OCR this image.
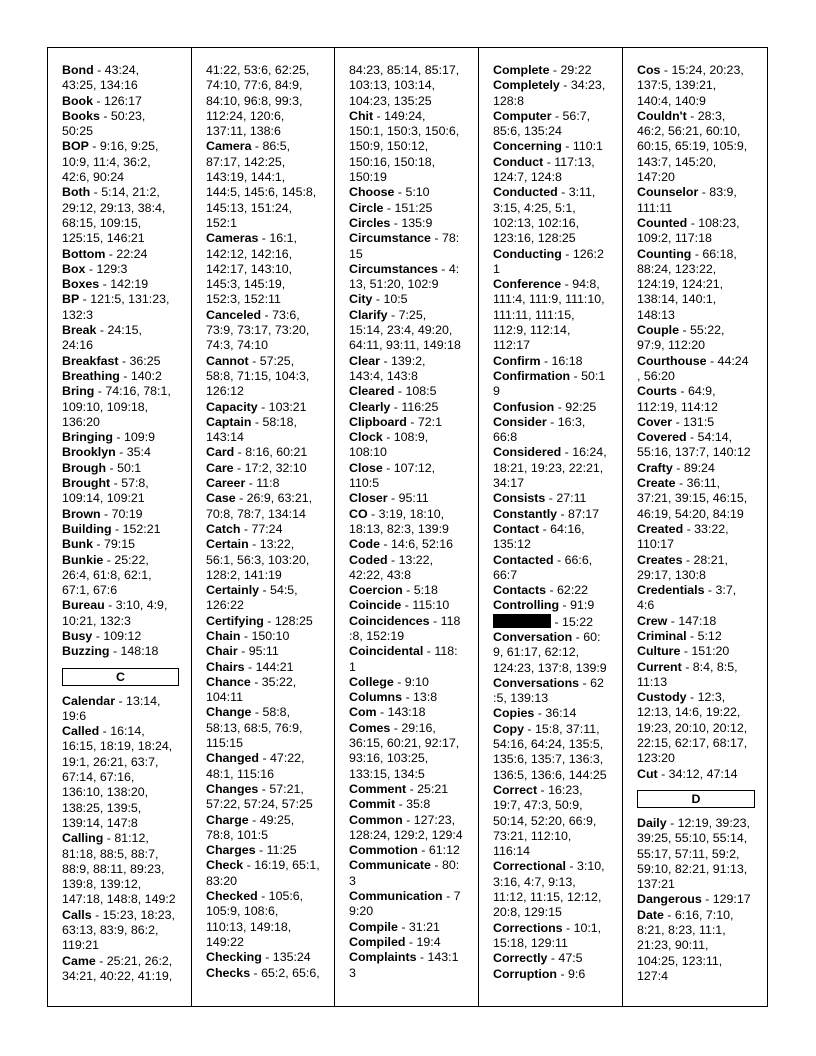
Bond - 43:24,
43:25, 134:16
Book - 126:17
Books - 50:23,
50:25
BOP - 9:16, 9:25,
10:9, 11:4, 36:2,
42:6, 90:24
Both - 5:14, 21:2,
29:12, 29:13, 38:4,
68:15, 109:15,
125:15, 146:21
Bottom - 22:24
Box - 129:3
Boxes - 142:19
BP - 121:5, 131:23,
132:3
Break - 24:15,
24:16
Breakfast - 36:25
Breathing - 140:2
Bring - 74:16, 78:1,
109:10, 109:18,
136:20
Bringing - 109:9
Brooklyn - 35:4
Brough - 50:1
Brought - 57:8,
109:14, 109:21
Brown - 70:19
Building - 152:21
Bunk - 79:15
Bunkie - 25:22,
26:4, 61:8, 62:1,
67:1, 67:6
Bureau - 3:10, 4:9,
10:21, 132:3
Busy - 109:12
Buzzing - 148:18
C
Calendar - 13:14,
19:6
Called - 16:14,
16:15, 18:19, 18:24,
19:1, 26:21, 63:7,
67:14, 67:16,
136:10, 138:20,
138:25, 139:5,
139:14, 147:8
Calling - 81:12,
81:18, 88:5, 88:7,
88:9, 88:11, 89:23,
139:8, 139:12,
147:18, 148:8, 149:2
Calls - 15:23, 18:23,
63:13, 83:9, 86:2,
119:21
Came - 25:21, 26:2,
34:21, 40:22, 41:19,
41:22, 53:6, 62:25,
74:10, 77:6, 84:9,
84:10, 96:8, 99:3,
112:24, 120:6,
137:11, 138:6
Camera - 86:5,
87:17, 142:25,
143:19, 144:1,
144:5, 145:6, 145:8,
145:13, 151:24,
152:1
Cameras - 16:1,
142:12, 142:16,
142:17, 143:10,
145:3, 145:19,
152:3, 152:11
Canceled - 73:6,
73:9, 73:17, 73:20,
74:3, 74:10
Cannot - 57:25,
58:8, 71:15, 104:3,
126:12
Capacity - 103:21
Captain - 58:18,
143:14
Card - 8:16, 60:21
Care - 17:2, 32:10
Career - 11:8
Case - 26:9, 63:21,
70:8, 78:7, 134:14
Catch - 77:24
Certain - 13:22,
56:1, 56:3, 103:20,
128:2, 141:19
Certainly - 54:5,
126:22
Certifying - 128:25
Chain - 150:10
Chair - 95:11
Chairs - 144:21
Chance - 35:22,
104:11
Change - 58:8,
58:13, 68:5, 76:9,
115:15
Changed - 47:22,
48:1, 115:16
Changes - 57:21,
57:22, 57:24, 57:25
Charge - 49:25,
78:8, 101:5
Charges - 11:25
Check - 16:19, 65:1,
83:20
Checked - 105:6,
105:9, 108:6,
110:13, 149:18,
149:22
Checking - 135:24
Checks - 65:2, 65:6,
84:23, 85:14, 85:17,
103:13, 103:14,
104:23, 135:25
Chit - 149:24,
150:1, 150:3, 150:6,
150:9, 150:12,
150:16, 150:18,
150:19
Choose - 5:10
Circle - 151:25
Circles - 135:9
Circumstance - 78:
15
Circumstances - 4:
13, 51:20, 102:9
City - 10:5
Clarify - 7:25,
15:14, 23:4, 49:20,
64:11, 93:11, 149:18
Clear - 139:2,
143:4, 143:8
Cleared - 108:5
Clearly - 116:25
Clipboard - 72:1
Clock - 108:9,
108:10
Close - 107:12,
110:5
Closer - 95:11
CO - 3:19, 18:10,
18:13, 82:3, 139:9
Code - 14:6, 52:16
Coded - 13:22,
42:22, 43:8
Coercion - 5:18
Coincide - 115:10
Coincidences - 118
:8, 152:19
Coincidental - 118:
1
College - 9:10
Columns - 13:8
Com - 143:18
Comes - 29:16,
36:15, 60:21, 92:17,
93:16, 103:25,
133:15, 134:5
Comment - 25:21
Commit - 35:8
Common - 127:23,
128:24, 129:2, 129:4
Commotion - 61:12
Communicate - 80:
3
Communication - 7
9:20
Compile - 31:21
Compiled - 19:4
Complaints - 143:1
3
Complete - 29:22
Completely - 34:23,
128:8
Computer - 56:7,
85:6, 135:24
Concerning - 110:1
Conduct - 117:13,
124:7, 124:8
Conducted - 3:11,
3:15, 4:25, 5:1,
102:13, 102:16,
123:16, 128:25
Conducting - 126:2
1
Conference - 94:8,
111:4, 111:9, 111:10,
111:11, 111:15,
112:9, 112:14,
112:17
Confirm - 16:18
Confirmation - 50:1
9
Confusion - 92:25
Consider - 16:3,
66:8
Considered - 16:24,
18:21, 19:23, 22:21,
34:17
Consists - 27:11
Constantly - 87:17
Contact - 64:16,
135:12
Contacted - 66:6,
66:7
Contacts - 62:22
Controlling - 91:9
- 15:22
Conversation - 60:
9, 61:17, 62:12,
124:23, 137:8, 139:9
Conversations - 62
:5, 139:13
Copies - 36:14
Copy - 15:8, 37:11,
54:16, 64:24, 135:5,
135:6, 135:7, 136:3,
136:5, 136:6, 144:25
Correct - 16:23,
19:7, 47:3, 50:9,
50:14, 52:20, 66:9,
73:21, 112:10,
116:14
Correctional - 3:10,
3:16, 4:7, 9:13,
11:12, 11:15, 12:12,
20:8, 129:15
Corrections - 10:1,
15:18, 129:11
Correctly - 47:5
Corruption - 9:6
Cos - 15:24, 20:23,
137:5, 139:21,
140:4, 140:9
Couldn't - 28:3,
46:2, 56:21, 60:10,
60:15, 65:19, 105:9,
143:7, 145:20,
147:20
Counselor - 83:9,
111:11
Counted - 108:23,
109:2, 117:18
Counting - 66:18,
88:24, 123:22,
124:19, 124:21,
138:14, 140:1,
148:13
Couple - 55:22,
97:9, 112:20
Courthouse - 44:24
, 56:20
Courts - 64:9,
112:19, 114:12
Cover - 131:5
Covered - 54:14,
55:16, 137:7, 140:12
Crafty - 89:24
Create - 36:11,
37:21, 39:15, 46:15,
46:19, 54:20, 84:19
Created - 33:22,
110:17
Creates - 28:21,
29:17, 130:8
Credentials - 3:7,
4:6
Crew - 147:18
Criminal - 5:12
Culture - 151:20
Current - 8:4, 8:5,
11:13
Custody - 12:3,
12:13, 14:6, 19:22,
19:23, 20:10, 20:12,
22:15, 62:17, 68:17,
123:20
Cut - 34:12, 47:14
D
Daily - 12:19, 39:23,
39:25, 55:10, 55:14,
55:17, 57:11, 59:2,
59:10, 82:21, 91:13,
137:21
Dangerous - 129:17
Date - 6:16, 7:10,
8:21, 8:23, 11:1,
21:23, 90:11,
104:25, 123:11,
127:4
